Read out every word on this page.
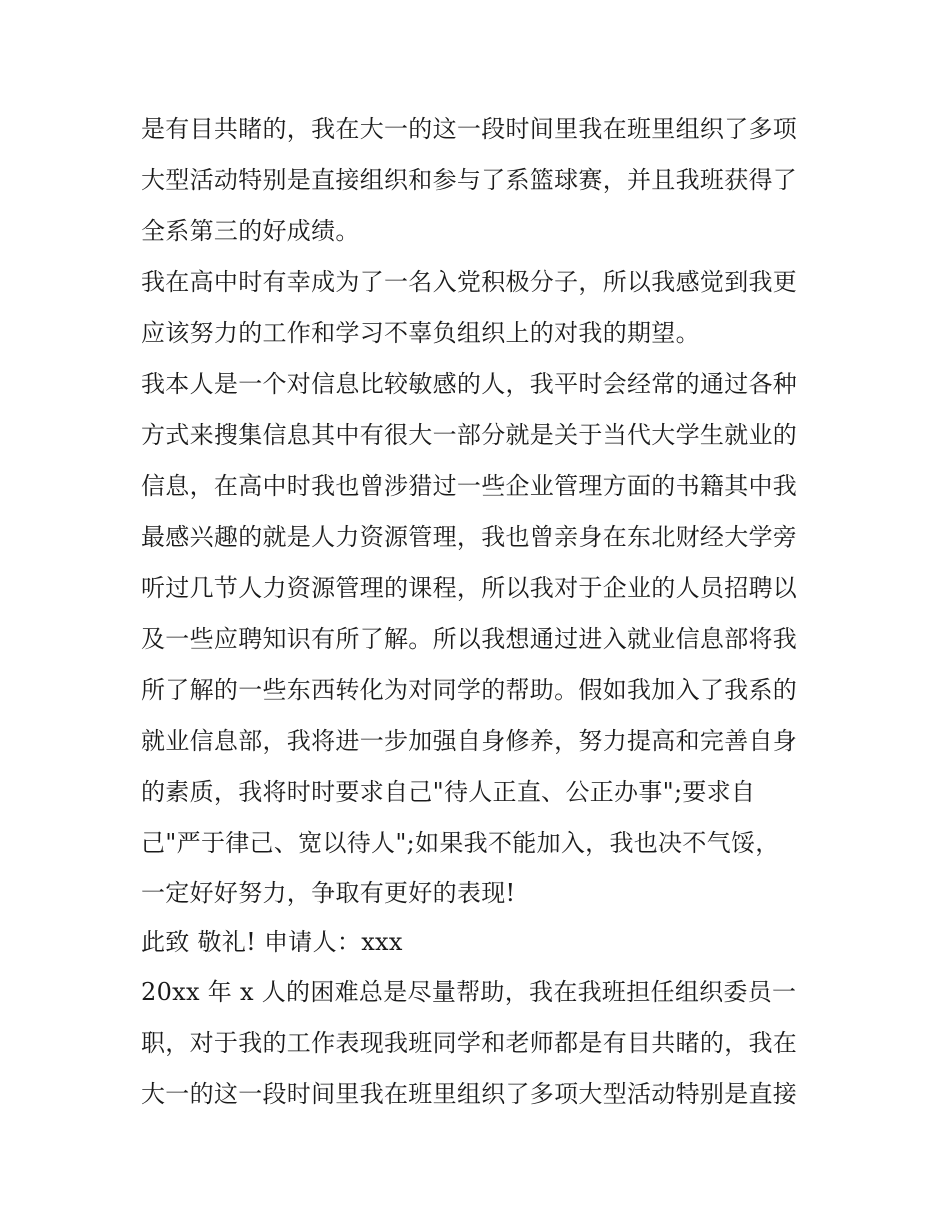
是有目共睹的，我在大一的这一段时间里我在班里组织了多项
大型活动特别是直接组织和参与了系篮球赛，并且我班获得了
全系第三的好成绩。
我在高中时有幸成为了一名入党积极分子，所以我感觉到我更
应该努力的工作和学习不辜负组织上的对我的期望。
我本人是一个对信息比较敏感的人，我平时会经常的通过各种
方式来搜集信息其中有很大一部分就是关于当代大学生就业的
信息，在高中时我也曾涉猎过一些企业管理方面的书籍其中我
最感兴趣的就是人力资源管理，我也曾亲身在东北财经大学旁
听过几节人力资源管理的课程，所以我对于企业的人员招聘以
及一些应聘知识有所了解。所以我想通过进入就业信息部将我
所了解的一些东西转化为对同学的帮助。假如我加入了我系的
就业信息部，我将进一步加强自身修养，努力提高和完善自身
的素质，我将时时要求自己"待人正直、公正办事";要求自
己"严于律己、宽以待人";如果我不能加入，我也决不气馁，
一定好好努力，争取有更好的表现!
此致 敬礼! 申请人：xxx
20xx 年 x 人的困难总是尽量帮助，我在我班担任组织委员一
职，对于我的工作表现我班同学和老师都是有目共睹的，我在
大一的这一段时间里我在班里组织了多项大型活动特别是直接
